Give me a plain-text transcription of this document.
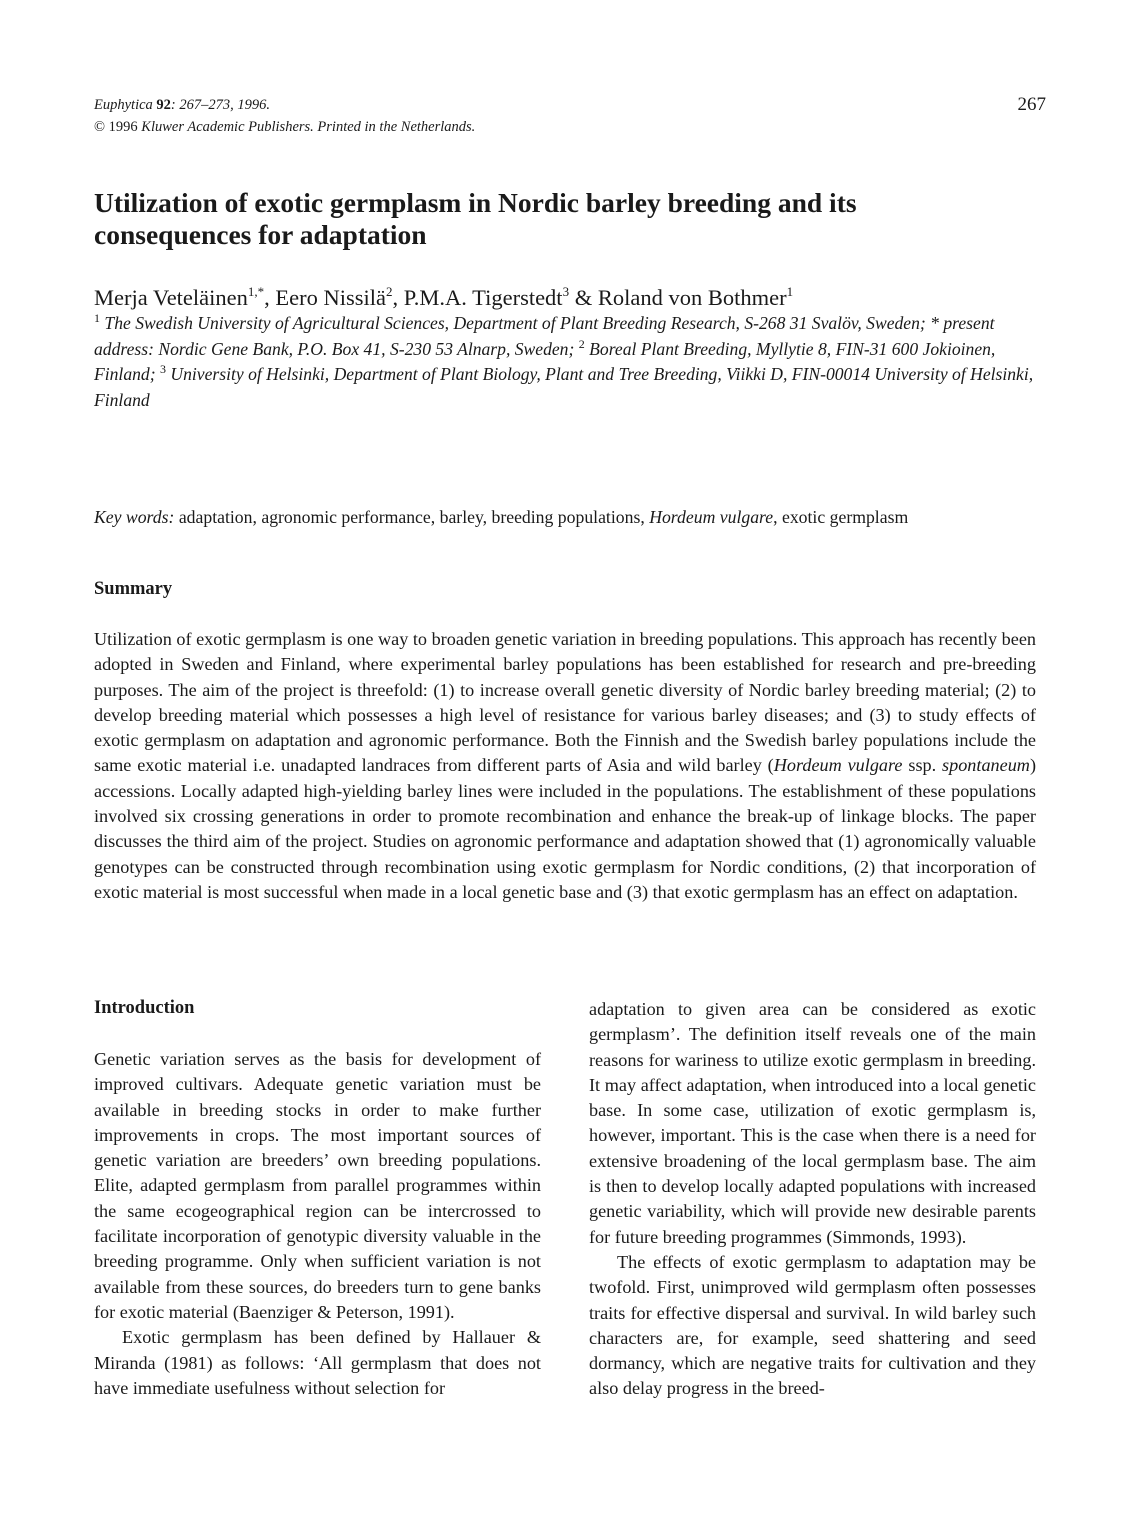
Euphytica 92: 267–273, 1996.
© 1996 Kluwer Academic Publishers. Printed in the Netherlands.
267
Utilization of exotic germplasm in Nordic barley breeding and its consequences for adaptation
Merja Veteläinen$^{1,*}$, Eero Nissilä$^2$, P.M.A. Tigerstedt$^3$ & Roland von Bothmer$^1$
$^1$ The Swedish University of Agricultural Sciences, Department of Plant Breeding Research, S-268 31 Svalöv, Sweden; * present address: Nordic Gene Bank, P.O. Box 41, S-230 53 Alnarp, Sweden; $^2$ Boreal Plant Breeding, Myllytie 8, FIN-31 600 Jokioinen, Finland; $^3$ University of Helsinki, Department of Plant Biology, Plant and Tree Breeding, Viikki D, FIN-00014 University of Helsinki, Finland
Key words: adaptation, agronomic performance, barley, breeding populations, Hordeum vulgare, exotic germplasm
Summary

Utilization of exotic germplasm is one way to broaden genetic variation in breeding populations. This approach has recently been adopted in Sweden and Finland, where experimental barley populations has been established for research and pre-breeding purposes. The aim of the project is threefold: (1) to increase overall genetic diversity of Nordic barley breeding material; (2) to develop breeding material which possesses a high level of resistance for various barley diseases; and (3) to study effects of exotic germplasm on adaptation and agronomic performance. Both the Finnish and the Swedish barley populations include the same exotic material i.e. unadapted landraces from different parts of Asia and wild barley (Hordeum vulgare ssp. spontaneum) accessions. Locally adapted high-yielding barley lines were included in the populations. The establishment of these populations involved six crossing generations in order to promote recombination and enhance the break-up of linkage blocks. The paper discusses the third aim of the project. Studies on agronomic performance and adaptation showed that (1) agronomically valuable genotypes can be constructed through recombination using exotic germplasm for Nordic conditions, (2) that incorporation of exotic material is most successful when made in a local genetic base and (3) that exotic germplasm has an effect on adaptation.

Introduction

Genetic variation serves as the basis for development of improved cultivars. Adequate genetic variation must be available in breeding stocks in order to make further improvements in crops. The most important sources of genetic variation are breeders’ own breeding populations. Elite, adapted germplasm from parallel programmes within the same ecogeographical region can be intercrossed to facilitate incorporation of genotypic diversity valuable in the breeding programme. Only when sufficient variation is not available from these sources, do breeders turn to gene banks for exotic material (Baenziger & Peterson, 1991).

Exotic germplasm has been defined by Hallauer & Miranda (1981) as follows: ‘All germplasm that does not have immediate usefulness without selection for

adaptation to given area can be considered as exotic germplasm’. The definition itself reveals one of the main reasons for wariness to utilize exotic germplasm in breeding. It may affect adaptation, when introduced into a local genetic base. In some case, utilization of exotic germplasm is, however, important. This is the case when there is a need for extensive broadening of the local germplasm base. The aim is then to develop locally adapted populations with increased genetic variability, which will provide new desirable parents for future breeding programmes (Simmonds, 1993).

The effects of exotic germplasm to adaptation may be twofold. First, unimproved wild germplasm often possesses traits for effective dispersal and survival. In wild barley such characters are, for example, seed shattering and seed dormancy, which are negative traits for cultivation and they also delay progress in the breed-
